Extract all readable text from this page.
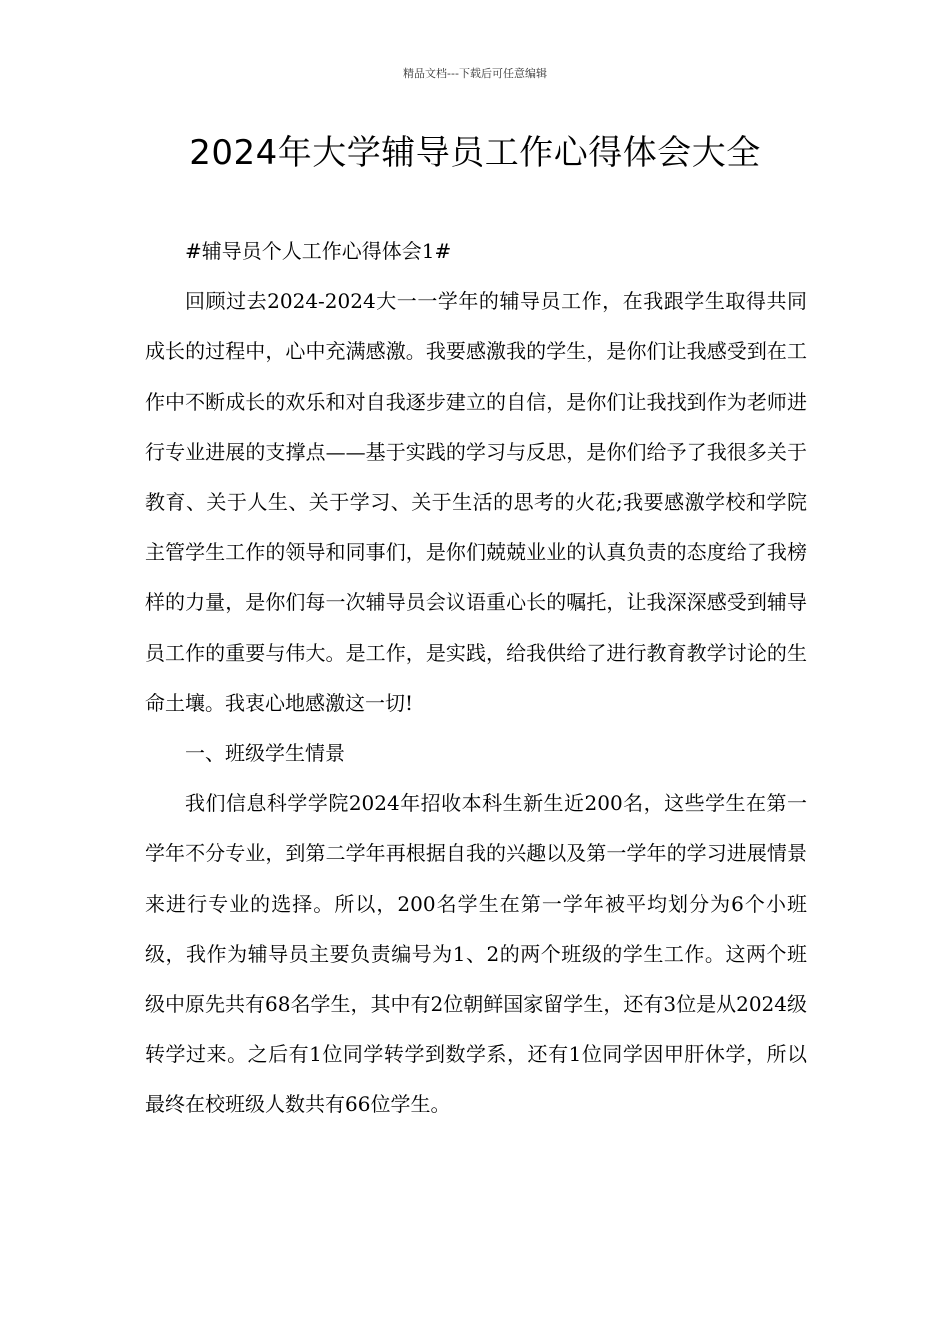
精品文档---下载后可任意编辑
2024年大学辅导员工作心得体会大全

#辅导员个人工作心得体会1#

回顾过去2024-2024大一一学年的辅导员工作，在我跟学生取得共同成长的过程中，心中充满感激。我要感激我的学生，是你们让我感受到在工作中不断成长的欢乐和对自我逐步建立的自信，是你们让我找到作为老师进行专业进展的支撑点——基于实践的学习与反思，是你们给予了我很多关于教育、关于人生、关于学习、关于生活的思考的火花;我要感激学校和学院主管学生工作的领导和同事们，是你们兢兢业业的认真负责的态度给了我榜样的力量，是你们每一次辅导员会议语重心长的嘱托，让我深深感受到辅导员工作的重要与伟大。是工作，是实践，给我供给了进行教育教学讨论的生命土壤。我衷心地感激这一切!

一、班级学生情景

我们信息科学学院2024年招收本科生新生近200名，这些学生在第一学年不分专业，到第二学年再根据自我的兴趣以及第一学年的学习进展情景来进行专业的选择。所以，200名学生在第一学年被平均划分为6个小班级，我作为辅导员主要负责编号为1、2的两个班级的学生工作。这两个班级中原先共有68名学生，其中有2位朝鲜国家留学生，还有3位是从2024级转学过来。之后有1位同学转学到数学系，还有1位同学因甲肝休学，所以最终在校班级人数共有66位学生。
